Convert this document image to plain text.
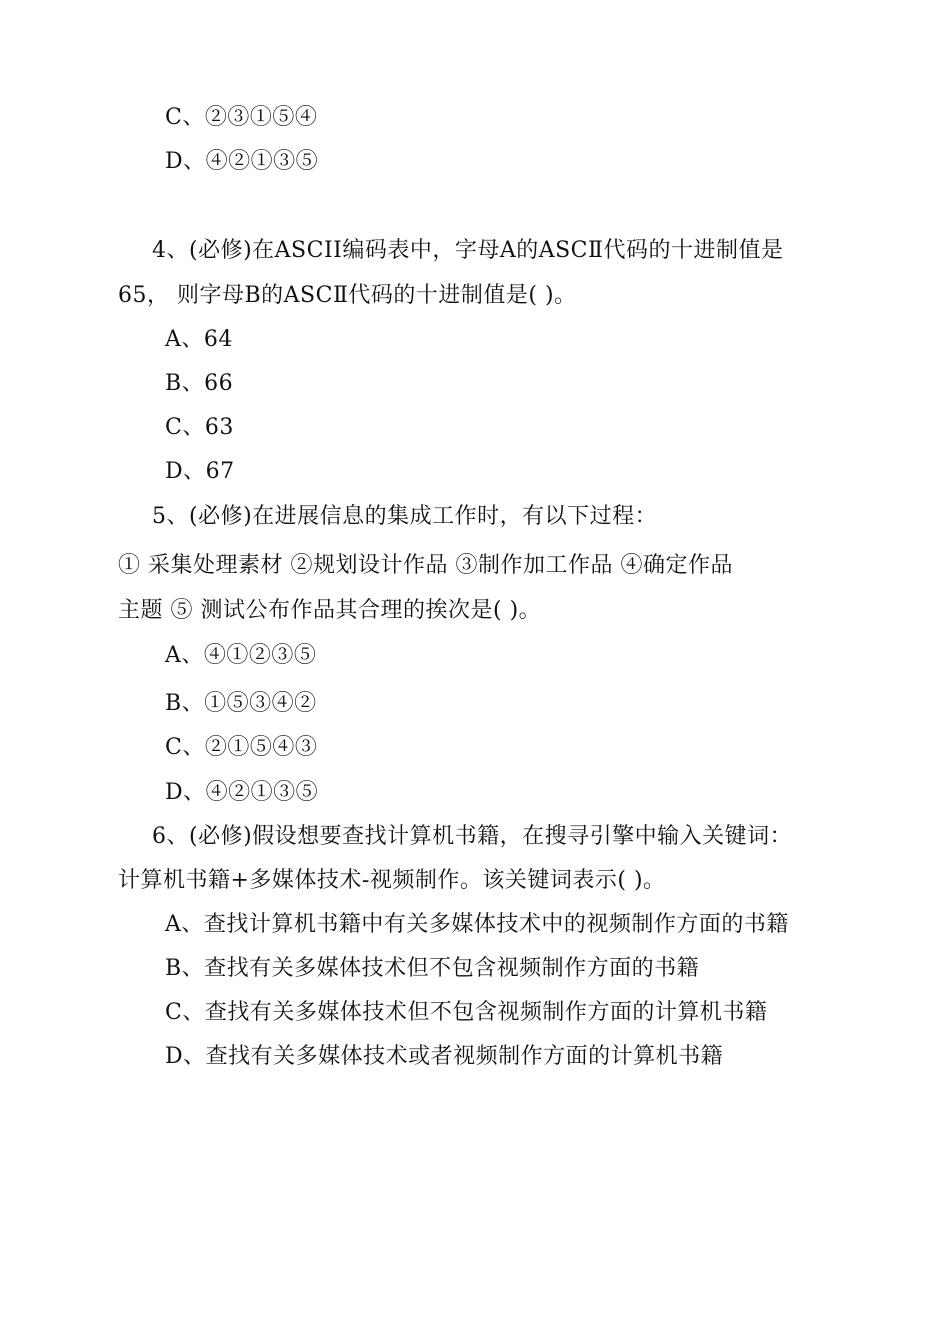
C、②③①⑤④
D、④②①③⑤
4、(必修)在ASCII编码表中，字母A的ASCⅡ代码的十进制值是
65， 则字母B的ASCⅡ代码的十进制值是( )。
A、64
B、66
C、63
D、67
5、(必修)在进展信息的集成工作时，有以下过程：
① 采集处理素材 ②规划设计作品 ③制作加工作品 ④确定作品
主题 ⑤ 测试公布作品其合理的挨次是( )。
A、④①②③⑤
B、①⑤③④②
C、②①⑤④③
D、④②①③⑤
6、(必修)假设想要查找计算机书籍，在搜寻引擎中输入关键词：
计算机书籍+多媒体技术-视频制作。该关键词表示( )。
A、查找计算机书籍中有关多媒体技术中的视频制作方面的书籍
B、查找有关多媒体技术但不包含视频制作方面的书籍
C、查找有关多媒体技术但不包含视频制作方面的计算机书籍
D、查找有关多媒体技术或者视频制作方面的计算机书籍
